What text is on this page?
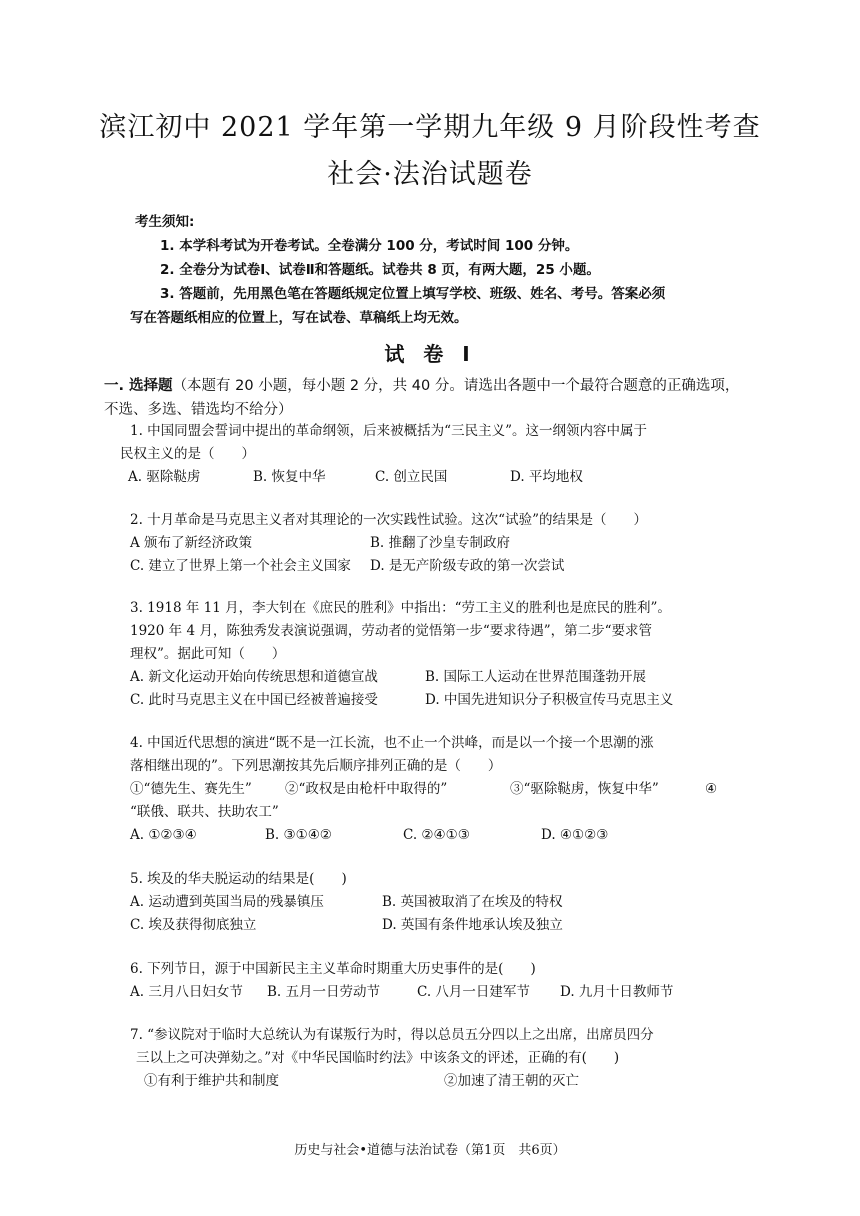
滨江初中 2021 学年第一学期九年级 9 月阶段性考查
社会·法治试题卷
考生须知:
1. 本学科考试为开卷考试。全卷满分 100 分，考试时间 100 分钟。
2. 全卷分为试卷Ⅰ、试卷Ⅱ和答题纸。试卷共 8 页，有两大题，25 小题。
3. 答题前，先用黑色笔在答题纸规定位置上填写学校、班级、姓名、考号。答案必须
写在答题纸相应的位置上，写在试卷、草稿纸上均无效。
试 卷 Ⅰ
一. 选择题（本题有 20 小题，每小题 2 分，共 40 分。请选出各题中一个最符合题意的正确选项，
不选、多选、错选均不给分）
1. 中国同盟会誓词中提出的革命纲领，后来被概括为“三民主义”。这一纲领内容中属于
民权主义的是（　　）
A. 驱除鞑虏	B. 恢复中华	C. 创立民国	D. 平均地权
2. 十月革命是马克思主义者对其理论的一次实践性试验。这次“试验”的结果是（　　）
A 颁布了新经济政策	B. 推翻了沙皇专制政府
C. 建立了世界上第一个社会主义国家	D. 是无产阶级专政的第一次尝试
3. 1918 年 11 月，李大钊在《庶民的胜利》中指出：“劳工主义的胜利也是庶民的胜利”。
1920 年 4 月，陈独秀发表演说强调，劳动者的觉悟第一步“要求待遇”，第二步“要求管
理权”。据此可知（　　）
A. 新文化运动开始向传统思想和道德宣战	B. 国际工人运动在世界范围蓬勃开展
C. 此时马克思主义在中国已经被普遍接受	D. 中国先进知识分子积极宣传马克思主义
4. 中国近代思想的演进“既不是一江长流，也不止一个洪峰，而是以一个接一个思潮的涨
落相继出现的”。下列思潮按其先后顺序排列正确的是（　　）
①“德先生、赛先生”	②“政权是由枪杆中取得的”	③“驱除鞑虏，恢复中华”	④
“联俄、联共、扶助农工”
A. ①②③④	B. ③①④②	C. ②④①③	D. ④①②③
5. 埃及的华夫脱运动的结果是(　　)
A. 运动遭到英国当局的残暴镇压	B. 英国被取消了在埃及的特权
C. 埃及获得彻底独立	D. 英国有条件地承认埃及独立
6. 下列节日，源于中国新民主主义革命时期重大历史事件的是(　　)
A. 三月八日妇女节	B. 五月一日劳动节	C. 八月一日建军节	D. 九月十日教师节
7. “参议院对于临时大总统认为有谋叛行为时，得以总员五分四以上之出席，出席员四分
三以上之可决弹劾之。”对《中华民国临时约法》中该条文的评述，正确的有(　　)
①有利于维护共和制度	②加速了清王朝的灭亡
历史与社会•道德与法治试卷（第1页　共6页）
